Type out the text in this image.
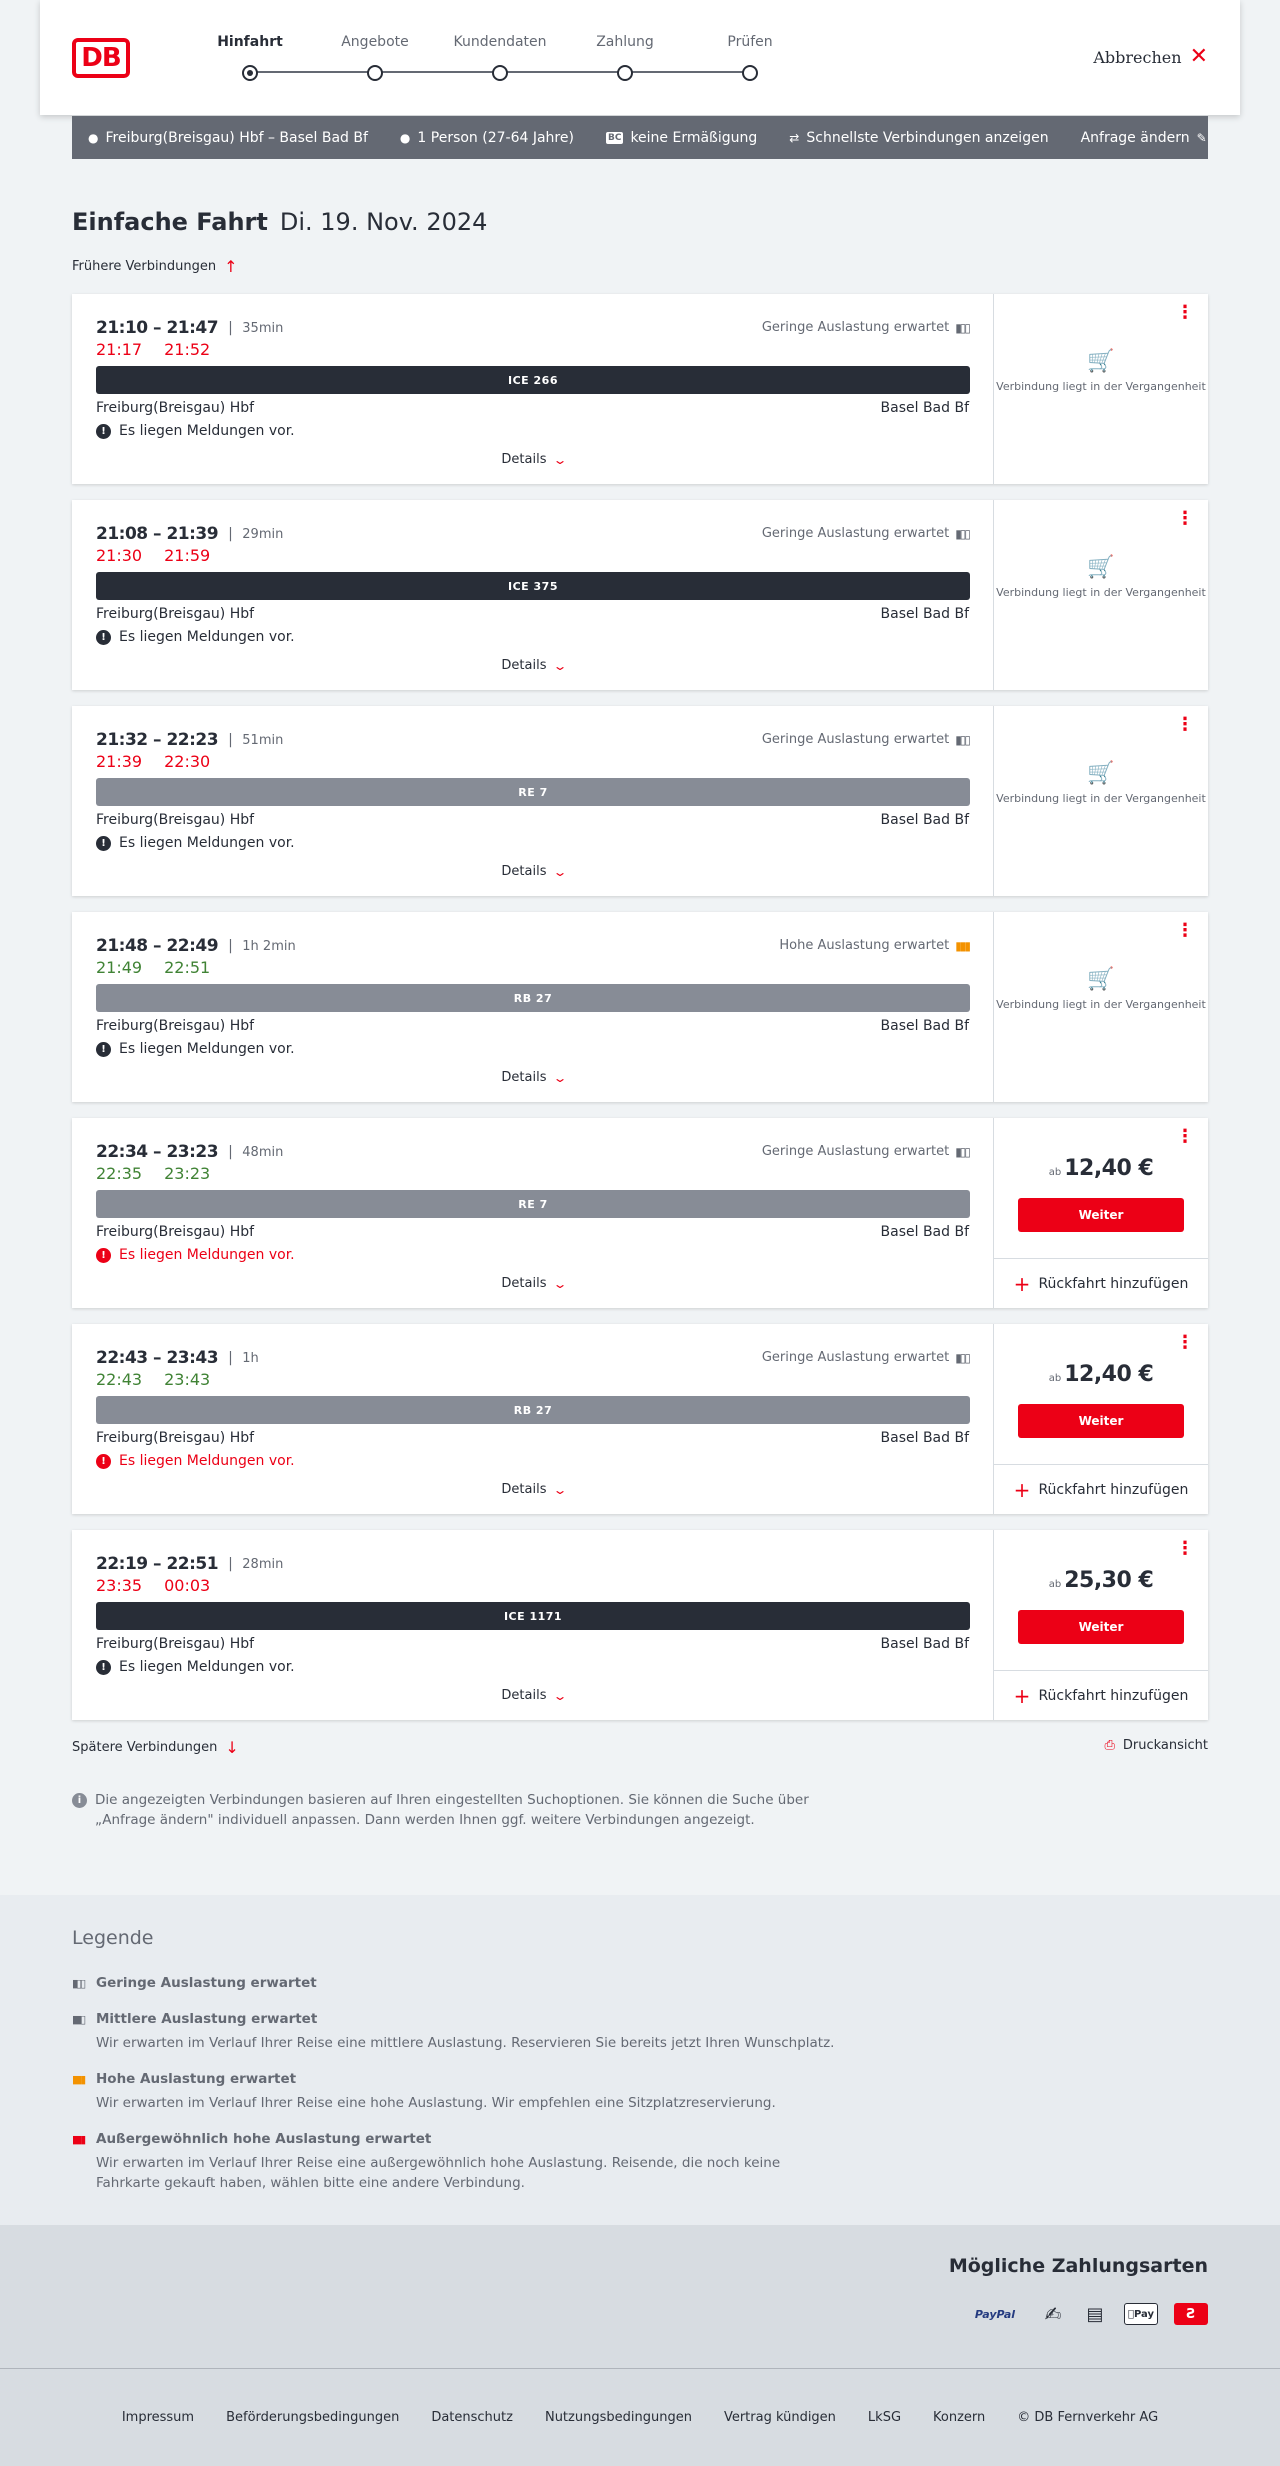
DB
Hinfahrt	Angebote	Kundendaten	Zahlung	Prüfen
Abbrechen ✕
● Freiburg(Breisgau) Hbf – Basel Bad Bf	● 1 Person (27-64 Jahre)	BC keine Ermäßigung	⇄ Schnellste Verbindungen anzeigen Anfrage ändern ✎
Einfache Fahrt Di. 19. Nov. 2024
Frühere Verbindungen ↑
21:10 – 21:47 | 35min
21:17 21:52
Geringe Auslastung erwartet ▮▯▯
ICE 266
Freiburg(Breisgau) Hbf	Basel Bad Bf
! Es liegen Meldungen vor.
Details ⌄
⋮
🛒
Verbindung liegt in der Vergangenheit
21:08 – 21:39 | 29min
21:30 21:59
Geringe Auslastung erwartet ▮▯▯
ICE 375
Freiburg(Breisgau) Hbf	Basel Bad Bf
! Es liegen Meldungen vor.
Details ⌄
⋮
🛒
Verbindung liegt in der Vergangenheit
21:32 – 22:23 | 51min
21:39 22:30
Geringe Auslastung erwartet ▮▯▯
RE 7
Freiburg(Breisgau) Hbf	Basel Bad Bf
! Es liegen Meldungen vor.
Details ⌄
⋮
🛒
Verbindung liegt in der Vergangenheit
21:48 – 22:49 | 1h 2min
21:49 22:51
Hohe Auslastung erwartet ▮▮▮
RB 27
Freiburg(Breisgau) Hbf	Basel Bad Bf
! Es liegen Meldungen vor.
Details ⌄
⋮
🛒
Verbindung liegt in der Vergangenheit
22:34 – 23:23 | 48min
22:35 23:23
Geringe Auslastung erwartet ▮▯▯
RE 7
Freiburg(Breisgau) Hbf	Basel Bad Bf
! Es liegen Meldungen vor.
Details ⌄
⋮
ab 12,40 €
Weiter
+ Rückfahrt hinzufügen
22:43 – 23:43 | 1h
22:43 23:43
Geringe Auslastung erwartet ▮▯▯
RB 27
Freiburg(Breisgau) Hbf	Basel Bad Bf
! Es liegen Meldungen vor.
Details ⌄
⋮
ab 12,40 €
Weiter
+ Rückfahrt hinzufügen
22:19 – 22:51 | 28min
23:35 00:03
ICE 1171
Freiburg(Breisgau) Hbf	Basel Bad Bf
! Es liegen Meldungen vor.
Details ⌄
⋮
ab 25,30 €
Weiter
+ Rückfahrt hinzufügen
Spätere Verbindungen ↓	⎙ Druckansicht
i	Die angezeigten Verbindungen basieren auf Ihren eingestellten Suchoptionen. Sie können die Suche über „Anfrage ändern" individuell anpassen. Dann werden Ihnen ggf. weitere Verbindungen angezeigt.
Legende
▮▯▯ Geringe Auslastung erwartet
▮▮▯ Mittlere Auslastung erwartet
Wir erwarten im Verlauf Ihrer Reise eine mittlere Auslastung. Reservieren Sie bereits jetzt Ihren Wunschplatz.
▮▮▮ Hohe Auslastung erwartet
Wir erwarten im Verlauf Ihrer Reise eine hohe Auslastung. Wir empfehlen eine Sitzplatzreservierung.
▮▮▮ Außergewöhnlich hohe Auslastung erwartet
Wir erwarten im Verlauf Ihrer Reise eine außergewöhnlich hohe Auslastung. Reisende, die noch keine Fahrkarte gekauft haben, wählen bitte eine andere Verbindung.
Mögliche Zahlungsarten
PayPal	✍ ▤	Pay	Ƨ
Impressum Beförderungsbedingungen Datenschutz Nutzungsbedingungen Vertrag kündigen LkSG Konzern © DB Fernverkehr AG
